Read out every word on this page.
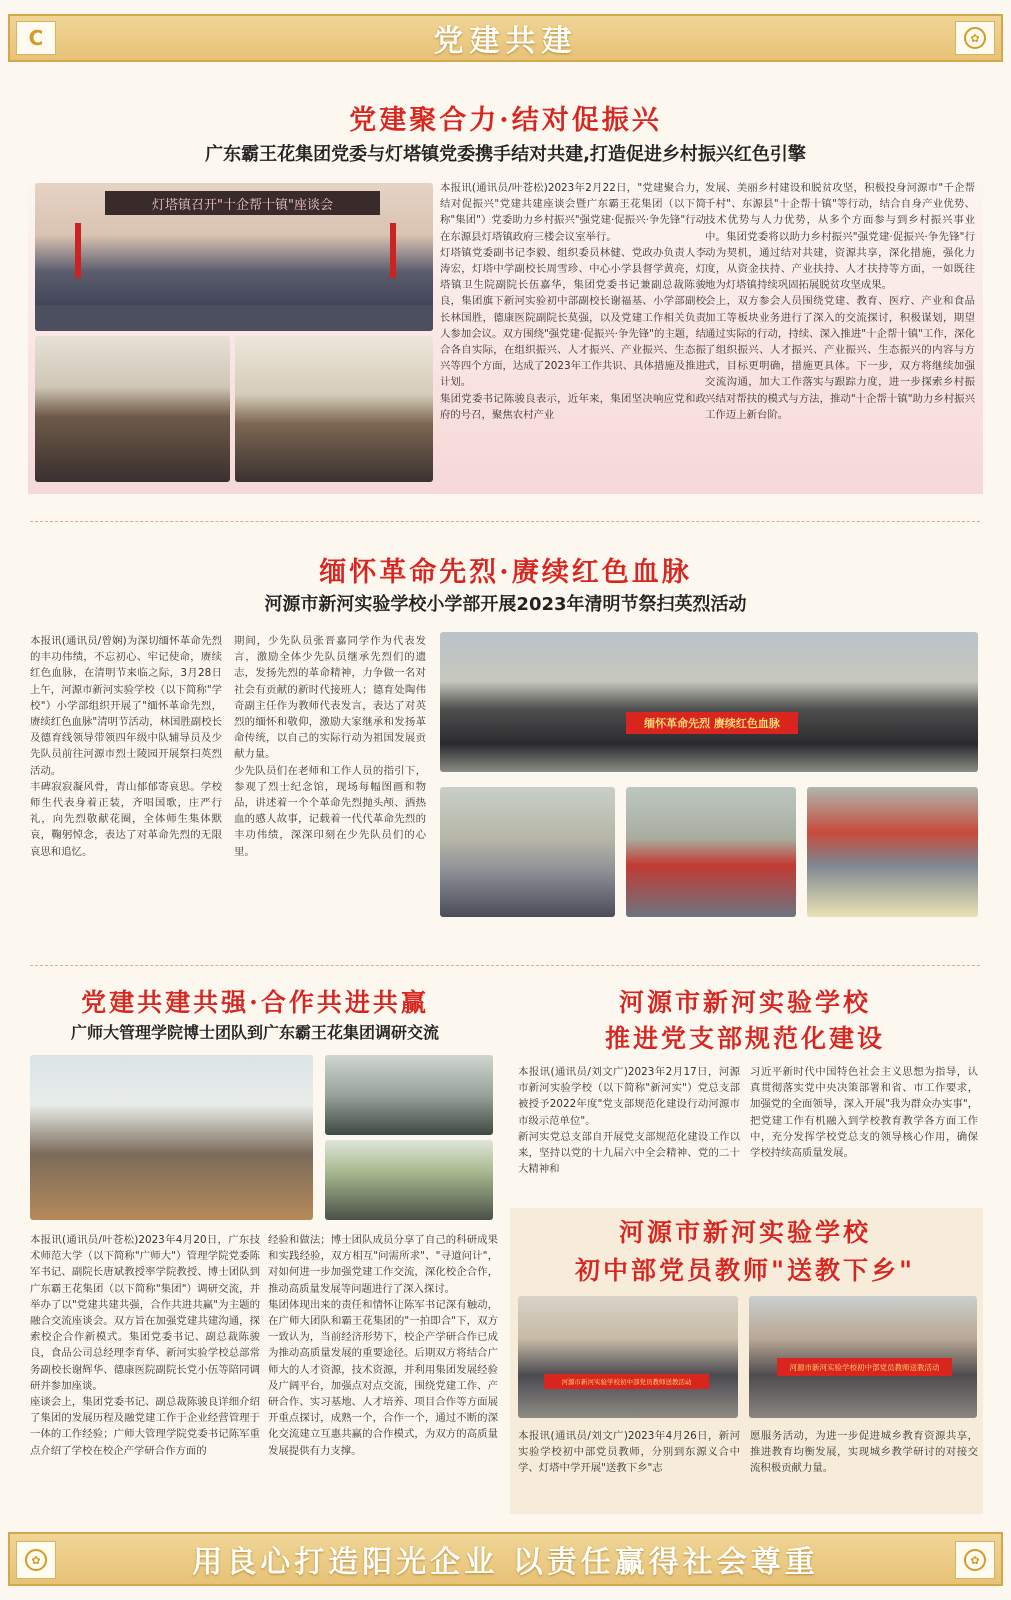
C	党建共建	✿
党建聚合力·结对促振兴
广东霸王花集团党委与灯塔镇党委携手结对共建,打造促进乡村振兴红色引擎
灯塔镇召开"十企帮十镇"座谈会
本报讯(通讯员/叶苍松)2023年2月22日，"党建聚合力，结对促振兴"党建共建座谈会暨广东霸王花集团（以下简称"集团"）党委助力乡村振兴"强党建·促振兴·争先锋"行动在东源县灯塔镇政府三楼会议室举行。
灯塔镇党委副书记李毅、组织委员林健、党政办负责人李涛宏，灯塔中学副校长周雪珍、中心小学县督学黄亮，灯塔镇卫生院副院长伍嘉华，集团党委书记兼副总裁陈骏良，集团旗下新河实验初中部副校长谢福基、小学部副校长林国胜，德康医院副院长莫强，以及党建工作相关负责人参加会议。双方围绕"强党建·促振兴·争先锋"的主题，结合各自实际，在组织振兴、人才振兴、产业振兴、生态振兴等四个方面，达成了2023年工作共识、具体措施及推进计划。
集团党委书记陈骏良表示，近年来，集团坚决响应党和政府的号召，聚焦农村产业
发展、美丽乡村建设和脱贫攻坚，积极投身河源市"千企帮千村"、东源县"十企帮十镇"等行动，结合自身产业优势、技术优势与人力优势，从多个方面参与到乡村振兴事业中。集团党委将以助力乡村振兴"强党建·促振兴·争先锋"行动为契机，通过结对共建，资源共享，深化措施，强化力度，从资金扶持、产业扶持、人才扶持等方面，一如既往地为灯塔镇持续巩固拓展脱贫攻坚成果。
会上，双方参会人员围绕党建、教育、医疗、产业和食品加工等板块业务进行了深入的交流探讨，积极谋划，期望通过实际的行动，持续、深入推进"十企帮十镇"工作，深化了组织振兴、人才振兴、产业振兴、生态振兴的内容与方式，目标更明确，措施更具体。下一步，双方将继续加强交流沟通，加大工作落实与跟踪力度，进一步探索乡村振兴结对帮扶的模式与方法，推动"十企帮十镇"助力乡村振兴工作迈上新台阶。
缅怀革命先烈·赓续红色血脉
河源市新河实验学校小学部开展2023年清明节祭扫英烈活动
本报讯(通讯员/曾娴)为深切缅怀革命先烈的丰功伟绩，不忘初心、牢记使命，赓续红色血脉，在清明节来临之际，3月28日上午，河源市新河实验学校（以下简称"学校"）小学部组织开展了"缅怀革命先烈，赓续红色血脉"清明节活动，林国胜副校长及德育线领导带领四年级中队辅导员及少先队员前往河源市烈士陵园开展祭扫英烈活动。
丰碑寂寂凝风骨，青山郁郁寄哀思。学校师生代表身着正装，齐唱国歌，庄严行礼，向先烈敬献花圈，全体师生集体默哀，鞠躬悼念，表达了对革命先烈的无限哀思和追忆。
期间，少先队员张晋嘉同学作为代表发言，激励全体少先队员继承先烈们的遗志，发扬先烈的革命精神，力争做一名对社会有贡献的新时代接班人；德育处陶伟奇副主任作为教师代表发言，表达了对英烈的缅怀和敬仰，激励大家继承和发扬革命传统，以自己的实际行动为祖国发展贡献力量。
少先队员们在老师和工作人员的指引下，参观了烈士纪念馆，现场每幅图画和物品，讲述着一个个革命先烈抛头颅、洒热血的感人故事，记载着一代代革命先烈的丰功伟绩，深深印刻在少先队员们的心里。
缅怀革命先烈 赓续红色血脉
党建共建共强·合作共进共赢
广师大管理学院博士团队到广东霸王花集团调研交流
本报讯(通讯员/叶苍松)2023年4月20日，广东技术师范大学（以下简称"广师大"）管理学院党委陈军书记、副院长唐斌教授率学院教授、博士团队到广东霸王花集团（以下简称"集团"）调研交流，并举办了以"党建共建共强，合作共进共赢"为主题的融合交流座谈会。双方旨在加强党建共建沟通，探索校企合作新模式。集团党委书记、副总裁陈骏良，食品公司总经理李育华、新河实验学校总部常务副校长谢辉华、德康医院副院长党小伍等陪同调研并参加座谈。
座谈会上，集团党委书记、副总裁陈骏良详细介绍了集团的发展历程及融党建工作于企业经营管理于一体的工作经验；广师大管理学院党委书记陈军重点介绍了学校在校企产学研合作方面的
经验和做法；博士团队成员分享了自己的科研成果和实践经验，双方相互"问需所求"、"寻道问计"，对如何进一步加强党建工作交流，深化校企合作，推动高质量发展等问题进行了深入探讨。
集团体现出来的责任和情怀让陈军书记深有触动，在广师大团队和霸王花集团的"一拍即合"下，双方一致认为，当前经济形势下，校企产学研合作已成为推动高质量发展的重要途径。后期双方将结合广师大的人才资源，技术资源，并利用集团发展经验及广阔平台，加强点对点交流，围绕党建工作、产研合作、实习基地、人才培养、项目合作等方面展开重点探讨，成熟一个，合作一个，通过不断的深化交流建立互惠共赢的合作模式，为双方的高质量发展提供有力支撑。
河源市新河实验学校
推进党支部规范化建设
本报讯(通讯员/刘文广)2023年2月17日，河源市新河实验学校（以下简称"新河实"）党总支部被授予2022年度"党支部规范化建设行动河源市市级示范单位"。
新河实党总支部自开展党支部规范化建设工作以来，坚持以党的十九届六中全会精神、党的二十大精神和
习近平新时代中国特色社会主义思想为指导，认真贯彻落实党中央决策部署和省、市工作要求，加强党的全面领导，深入开展"我为群众办实事"，把党建工作有机融入到学校教育教学各方面工作中，充分发挥学校党总支的领导核心作用，确保学校持续高质量发展。
河源市新河实验学校
初中部党员教师"送教下乡"
河源市新河实验学校初中部党员教师送教活动
河源市新河实验学校初中部党员教师送教活动
本报讯(通讯员/刘文广)2023年4月26日，新河实验学校初中部党员教师，分别到东源义合中学、灯塔中学开展"送教下乡"志
愿服务活动，为进一步促进城乡教育资源共享，推进教育均衡发展，实现城乡教学研讨的对接交流积极贡献力量。
✿	用良心打造阳光企业 以责任赢得社会尊重	✿
